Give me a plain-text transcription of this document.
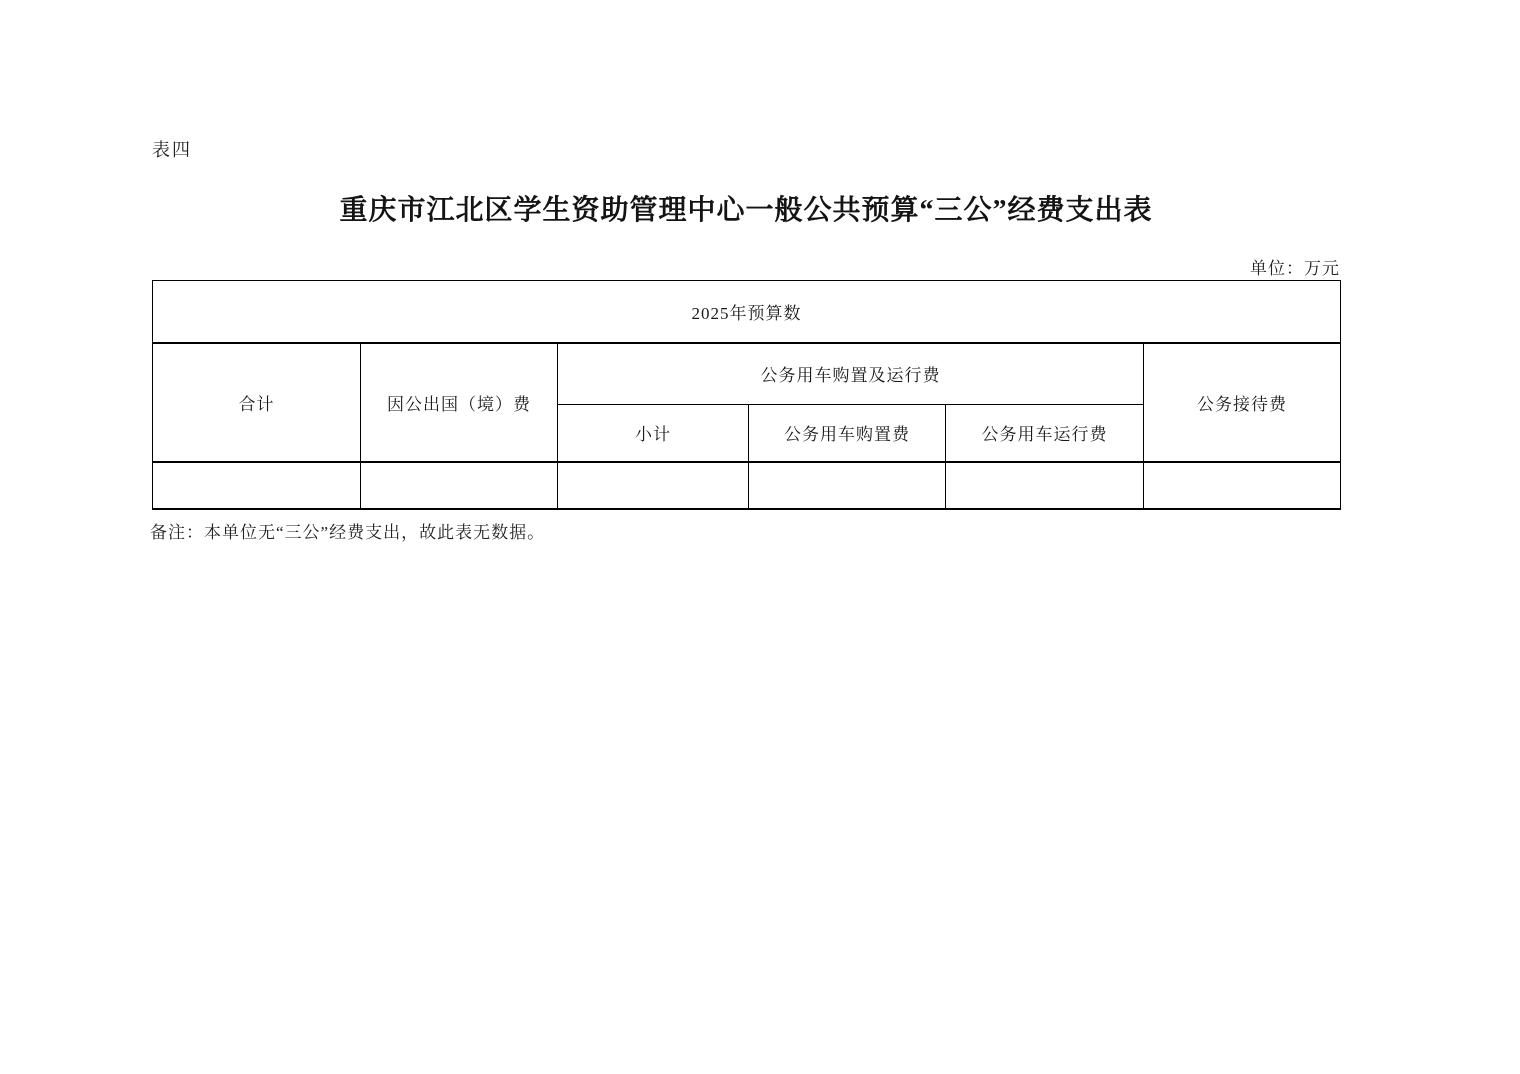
表四
重庆市江北区学生资助管理中心一般公共预算“三公”经费支出表
单位：万元
2025年预算数					
合计	因公出国（境）费	公务用车购置及运行费			公务接待费
		小计	公务用车购置费	公务用车运行费	

备注：本单位无“三公”经费支出，故此表无数据。
